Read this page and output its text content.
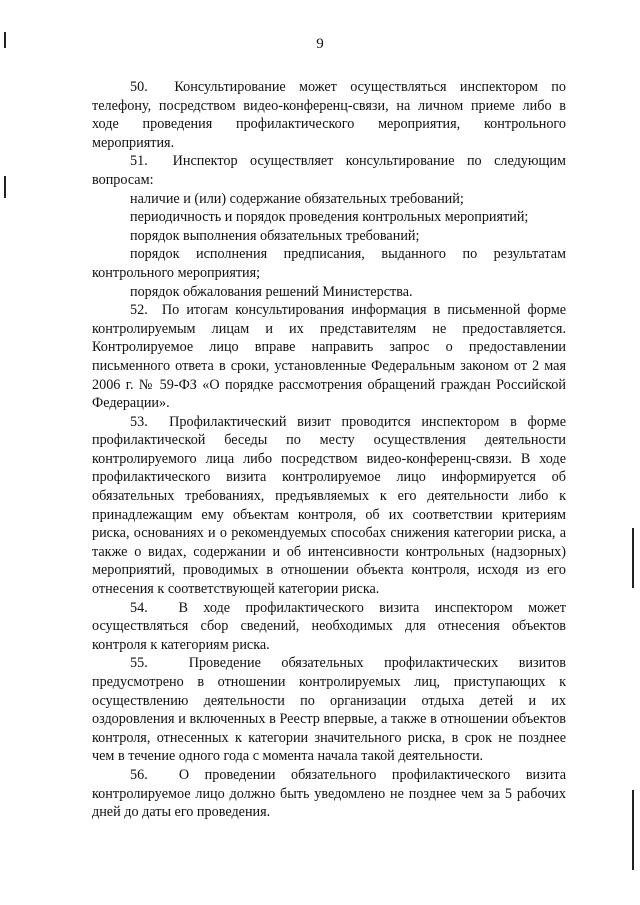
9

50.  Консультирование может осуществляться инспектором по телефону, посредством видео-конференц-связи, на личном приеме либо в ходе проведения профилактического мероприятия, контрольного мероприятия.

51.  Инспектор осуществляет консультирование по следующим вопросам:

наличие и (или) содержание обязательных требований;

периодичность и порядок проведения контрольных мероприятий;

порядок выполнения обязательных требований;

порядок исполнения предписания, выданного по результатам контрольного мероприятия;

порядок обжалования решений Министерства.

52.  По итогам консультирования информация в письменной форме контролируемым лицам и их представителям не предоставляется. Контролируемое лицо вправе направить запрос о предоставлении письменного ответа в сроки, установленные Федеральным законом от 2 мая 2006 г. № 59-ФЗ «О порядке рассмотрения обращений граждан Российской Федерации».

53.  Профилактический визит проводится инспектором в форме профилактической беседы по месту осуществления деятельности контролируемого лица либо посредством видео-конференц-связи. В ходе профилактического визита контролируемое лицо информируется об обязательных требованиях, предъявляемых к его деятельности либо к принадлежащим ему объектам контроля, об их соответствии критериям риска, основаниях и о рекомендуемых способах снижения категории риска, а также о видах, содержании и об интенсивности контрольных (надзорных) мероприятий, проводимых в отношении объекта контроля, исходя из его отнесения к соответствующей категории риска.

54.  В ходе профилактического визита инспектором может осуществляться сбор сведений, необходимых для отнесения объектов контроля к категориям риска.

55.  Проведение обязательных профилактических визитов предусмотрено в отношении контролируемых лиц, приступающих к осуществлению деятельности по организации отдыха детей и их оздоровления и включенных в Реестр впервые, а также в отношении объектов контроля, отнесенных к категории значительного риска, в срок не позднее чем в течение одного года с момента начала такой деятельности.

56.  О проведении обязательного профилактического визита контролируемое лицо должно быть уведомлено не позднее чем за 5 рабочих дней до даты его проведения.
